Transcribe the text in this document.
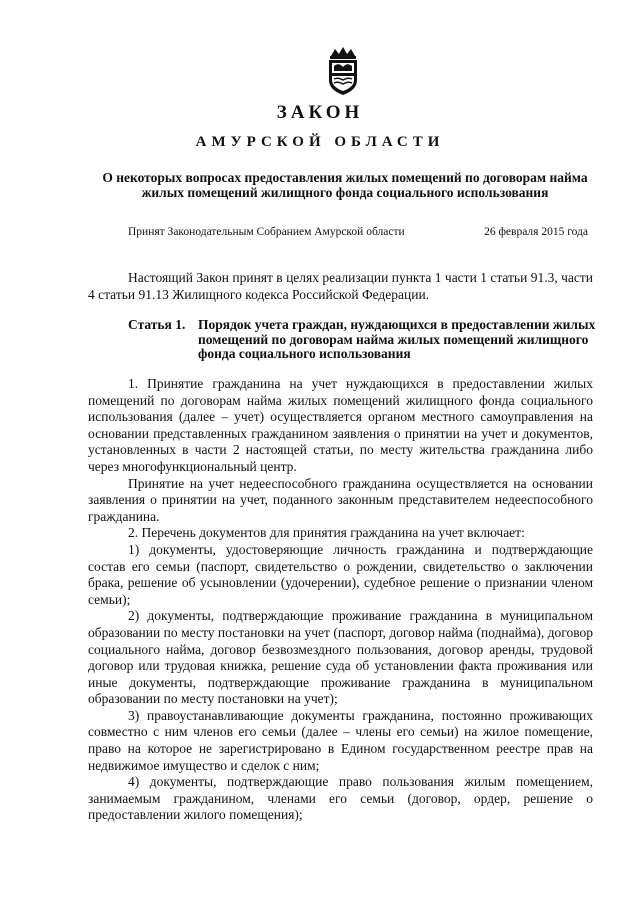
ЗАКОН
АМУРСКОЙ ОБЛАСТИ
О некоторых вопросах предоставления жилых помещений по договорам найма жилых помещений жилищного фонда социального использования
Принят Законодательным Собранием Амурской области	26 февраля 2015 года

Настоящий Закон принят в целях реализации пункта 1 части 1 статьи 91.3, части 4 статьи 91.13 Жилищного кодекса Российской Федерации.

Статья 1. Порядок учета граждан, нуждающихся в предоставлении жилых помещений по договорам найма жилых помещений жилищного фонда социального использования

1. Принятие гражданина на учет нуждающихся в предоставлении жилых помещений по договорам найма жилых помещений жилищного фонда социального использования (далее – учет) осуществляется органом местного самоуправления на основании представленных гражданином заявления о принятии на учет и документов, установленных в части 2 настоящей статьи, по месту жительства гражданина либо через многофункциональный центр.

Принятие на учет недееспособного гражданина осуществляется на основании заявления о принятии на учет, поданного законным представителем недееспособного гражданина.

2. Перечень документов для принятия гражданина на учет включает:

1) документы, удостоверяющие личность гражданина и подтверждающие состав его семьи (паспорт, свидетельство о рождении, свидетельство о заключении брака, решение об усыновлении (удочерении), судебное решение о признании членом семьи);

2) документы, подтверждающие проживание гражданина в муниципальном образовании по месту постановки на учет (паспорт, договор найма (поднайма), договор социального найма, договор безвозмездного пользования, договор аренды, трудовой договор или трудовая книжка, решение суда об установлении факта проживания или иные документы, подтверждающие проживание гражданина в муниципальном образовании по месту постановки на учет);

3) правоустанавливающие документы гражданина, постоянно проживающих совместно с ним членов его семьи (далее – члены его семьи) на жилое помещение, право на которое не зарегистрировано в Едином государственном реестре прав на недвижимое имущество и сделок с ним;

4) документы, подтверждающие право пользования жилым помещением, занимаемым гражданином, членами его семьи (договор, ордер, решение о предоставлении жилого помещения);
